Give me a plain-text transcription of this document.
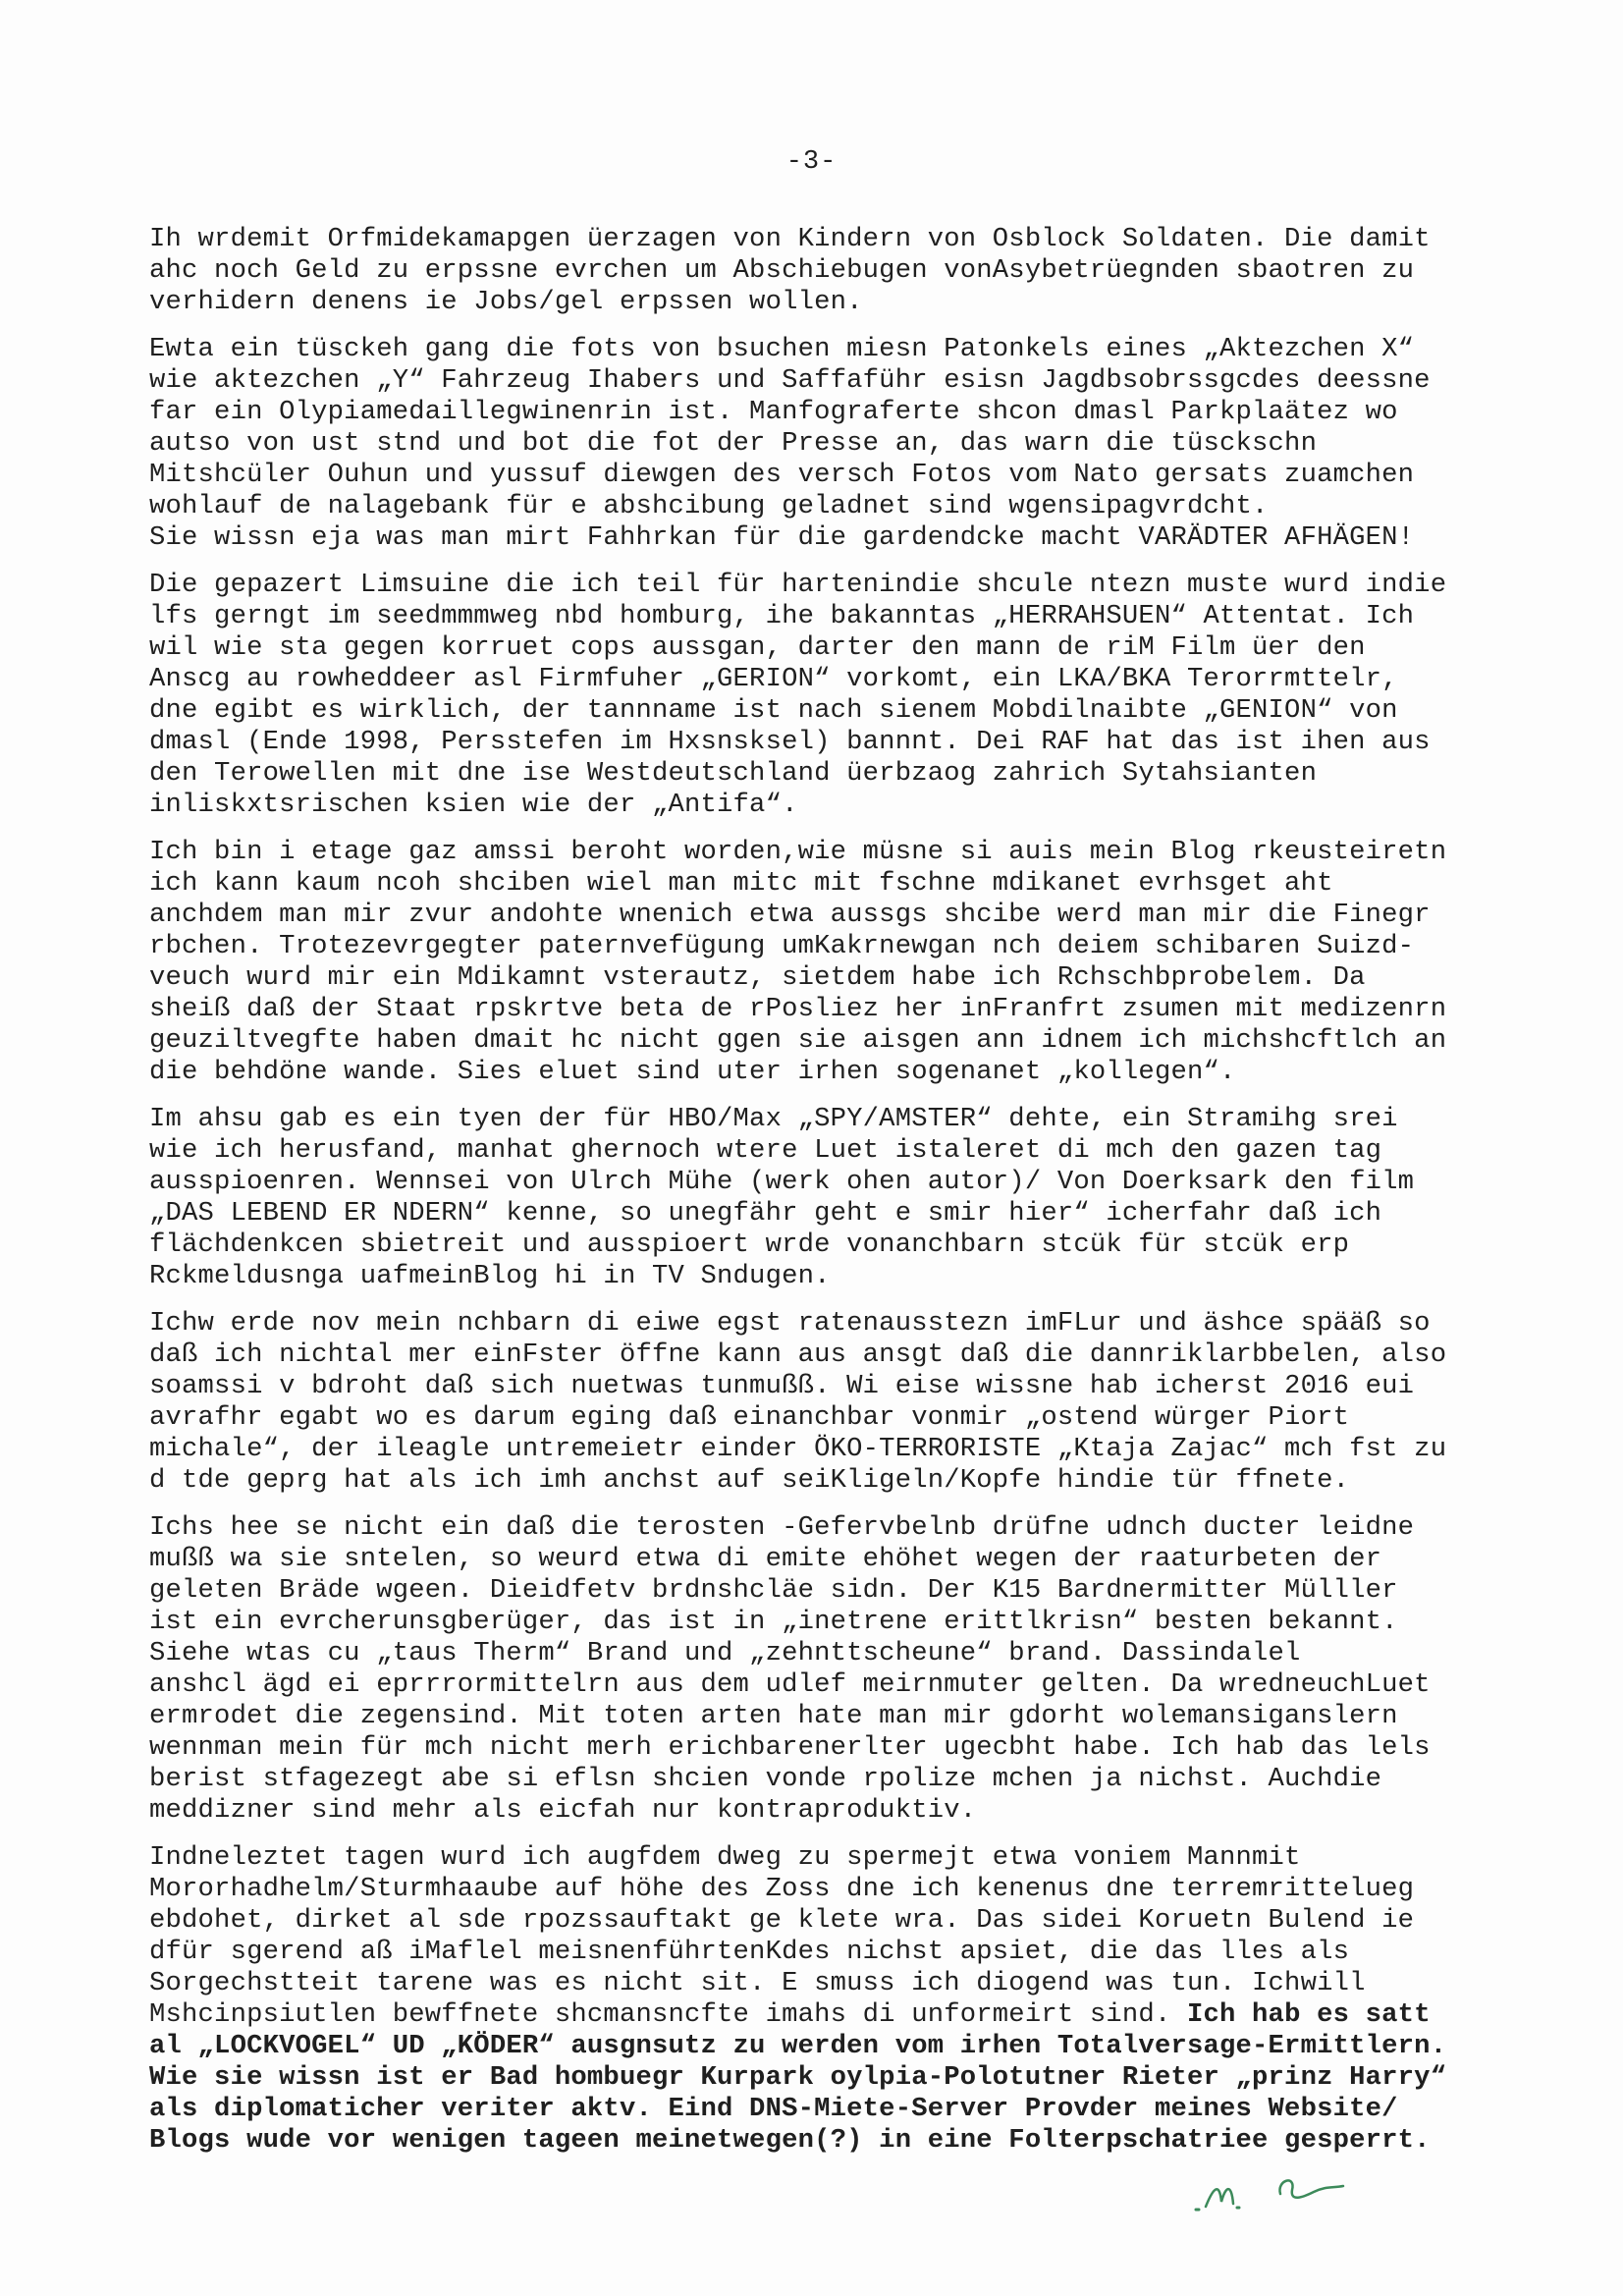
-3-
Ih wrdemit Orfmidekamapgen üerzagen von Kindern von Osblock Soldaten. Die damit
ahc noch Geld zu erpssne evrchen um Abschiebugen vonAsybetrüegnden sbaotren zu
verhidern denens ie Jobs/gel erpssen wollen.
Ewta ein tüsckeh gang die fots von bsuchen miesn Patonkels eines „Aktezchen X“
wie aktezchen „Y“ Fahrzeug Ihabers und Saffaführ esisn Jagdbsobrssgcdes deessne
far ein Olypiamedaillegwinenrin ist. Manfograferte shcon dmasl Parkplaätez wo
autso von ust stnd und bot die fot der Presse an, das warn die tüsckschn
Mitshcüler Ouhun und yussuf diewgen des versch Fotos vom Nato gersats zuamchen
wohlauf de nalagebank für e abshcibung geladnet sind wgensipagvrdcht.
Sie wissn eja was man mirt Fahhrkan für die gardendcke macht VARÄDTER AFHÄGEN!
Die gepazert Limsuine die ich teil für hartenindie shcule ntezn muste wurd indie
lfs gerngt im seedmmmweg nbd homburg, ihe bakanntas „HERRAHSUEN“ Attentat. Ich
wil wie sta gegen korruet cops aussgan, darter den mann de riM Film üer den
Anscg au rowheddeer asl Firmfuher „GERION“ vorkomt, ein LKA/BKA Terorrmttelr,
dne egibt es wirklich, der tannname ist nach sienem Mobdilnaibte „GENION“ von
dmasl (Ende 1998, Persstefen im Hxsnsksel) bannnt. Dei RAF hat das ist ihen aus
den Terowellen mit dne ise Westdeutschland üerbzaog zahrich Sytahsianten
inliskxtsrischen ksien wie der „Antifa“.
Ich bin i etage gaz amssi beroht worden,wie müsne si auis mein Blog rkeusteiretn
ich kann kaum ncoh shciben wiel man mitc mit fschne mdikanet evrhsget aht
anchdem man mir zvur andohte wnenich etwa aussgs shcibe werd man mir die Finegr
rbchen. Trotezevrgegter paternvefügung umKakrnewgan nch deiem schibaren Suizd-
veuch wurd mir ein Mdikamnt vsterautz, sietdem habe ich Rchschbprobelem. Da
sheiß daß der Staat rpskrtve beta de rPosliez her inFranfrt zsumen mit medizenrn
geuziltvegfte haben dmait hc nicht ggen sie aisgen ann idnem ich michshcftlch an
die behdöne wande. Sies eluet sind uter irhen sogenanet „kollegen“.
Im ahsu gab es ein tyen der für HBO/Max „SPY/AMSTER“ dehte, ein Stramihg srei
wie ich herusfand, manhat ghernoch wtere Luet istaleret di mch den gazen tag
ausspioenren. Wennsei von Ulrch Mühe (werk ohen autor)/ Von Doerksark den film
„DAS LEBEND ER NDERN“ kenne, so unegfähr geht e smir hier“ icherfahr daß ich
flächdenkcen sbietreit und ausspioert wrde vonanchbarn stcük für stcük erp
Rckmeldusnga uafmeinBlog hi in TV Sndugen.
Ichw erde nov mein nchbarn di eiwe egst ratenausstezn imFLur und äshce spääß so
daß ich nichtal mer einFster öffne kann aus ansgt daß die dannriklarbbelen, also
soamssi v bdroht daß sich nuetwas tunmußß. Wi eise wissne hab icherst 2016 eui
avrafhr egabt wo es darum eging daß einanchbar vonmir „ostend würger Piort
michale“, der ileagle untremeietr einder ÖKO-TERRORISTE „Ktaja Zajac“ mch fst zu
d tde geprg hat als ich imh anchst auf seiKligeln/Kopfe hindie tür ffnete.
Ichs hee se nicht ein daß die terosten -Gefervbelnb drüfne udnch ducter leidne
mußß wa sie sntelen, so weurd etwa di emite ehöhet wegen der raaturbeten der
geleten Bräde wgeen. Dieidfetv brdnshcläe sidn. Der K15 Bardnermitter Mülller
ist ein evrcherunsgberüger, das ist in „inetrene erittlkrisn“ besten bekannt.
Siehe wtas cu „taus Therm“ Brand und „zehnttscheune“ brand. Dassindalel
anshcl ägd ei eprrrormittelrn aus dem udlef meirnmuter gelten. Da wredneuchLuet
ermrodet die zegensind. Mit toten arten hate man mir gdorht wolemansiganslern
wennman mein für mch nicht merh erichbarenerlter ugecbht habe. Ich hab das lels
berist stfagezegt abe si eflsn shcien vonde rpolize mchen ja nichst. Auchdie
meddizner sind mehr als eicfah nur kontraproduktiv.
Indneleztet tagen wurd ich augfdem dweg zu spermejt etwa voniem Mannmit
Mororhadhelm/Sturmhaaube auf höhe des Zoss dne ich kenenus dne terremrittelueg
ebdohet, dirket al sde rpozssauftakt ge klete wra. Das sidei Koruetn Bulend ie
dfür sgerend aß iMaflel meisnenführtenKdes nichst apsiet, die das lles als
Sorgechstteit tarene was es nicht sit. E smuss ich diogend was tun. Ichwill
Mshcinpsiutlen bewffnete shcmansncfte imahs di unformeirt sind. Ich hab es satt
al „LOCKVOGEL“ UD „KÖDER“ ausgnsutz zu werden vom irhen Totalversage-Ermittlern.
Wie sie wissn ist er Bad hombuegr Kurpark oylpia-Polotutner Rieter „prinz Harry“
als diplomaticher veriter aktv. Eind DNS-Miete-Server Provder meines Website/
Blogs wude vor wenigen tageen meinetwegen(?) in eine Folterpschatriee gesperrt.
